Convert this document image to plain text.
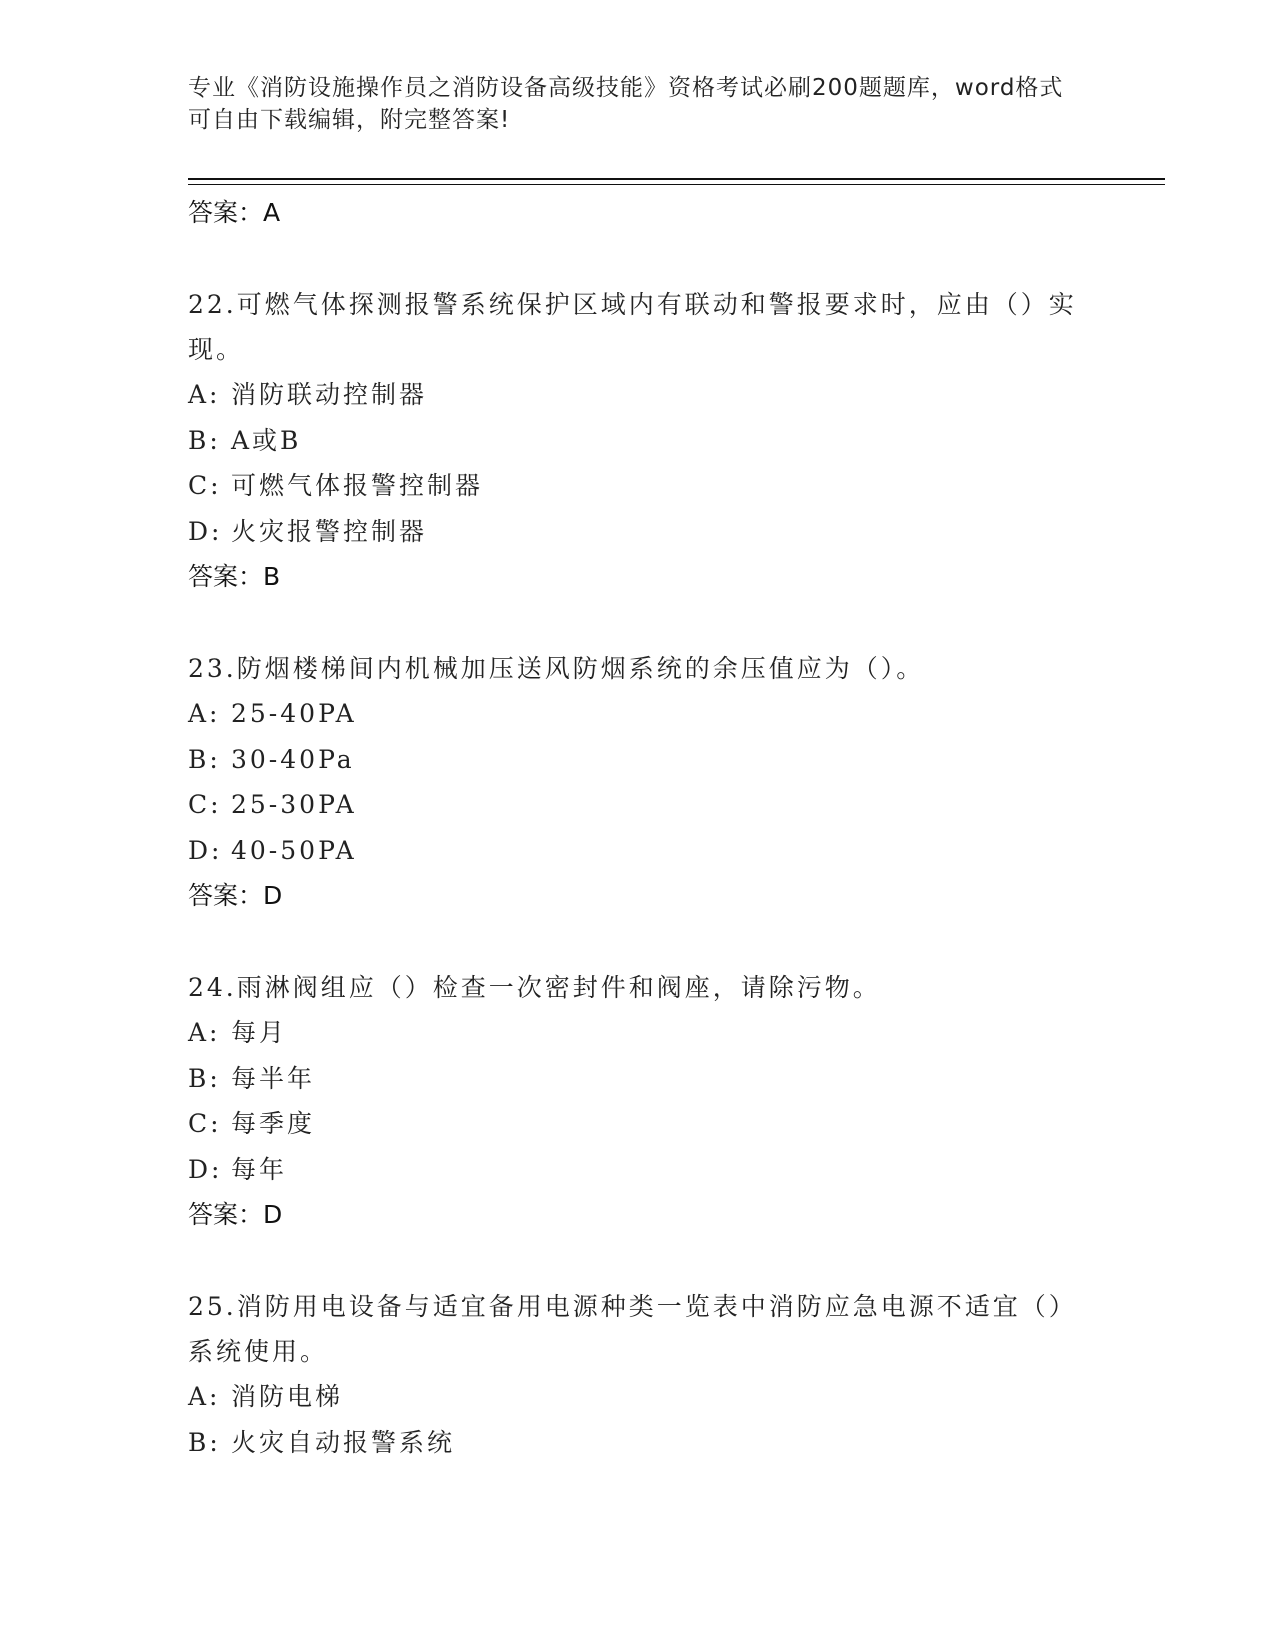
专业《消防设施操作员之消防设备高级技能》资格考试必刷200题题库，word格式可自由下载编辑，附完整答案!

答案：A

22.可燃气体探测报警系统保护区域内有联动和警报要求时，应由（）实现。

A: 消防联动控制器

B: A或B

C: 可燃气体报警控制器

D: 火灾报警控制器

答案：B

23.防烟楼梯间内机械加压送风防烟系统的余压值应为（）。

A: 25-40PA

B: 30-40Pa

C: 25-30PA

D: 40-50PA

答案：D

24.雨淋阀组应（）检查一次密封件和阀座，请除污物。

A: 每月

B: 每半年

C: 每季度

D: 每年

答案：D

25.消防用电设备与适宜备用电源种类一览表中消防应急电源不适宜（）系统使用。

A: 消防电梯

B: 火灾自动报警系统
